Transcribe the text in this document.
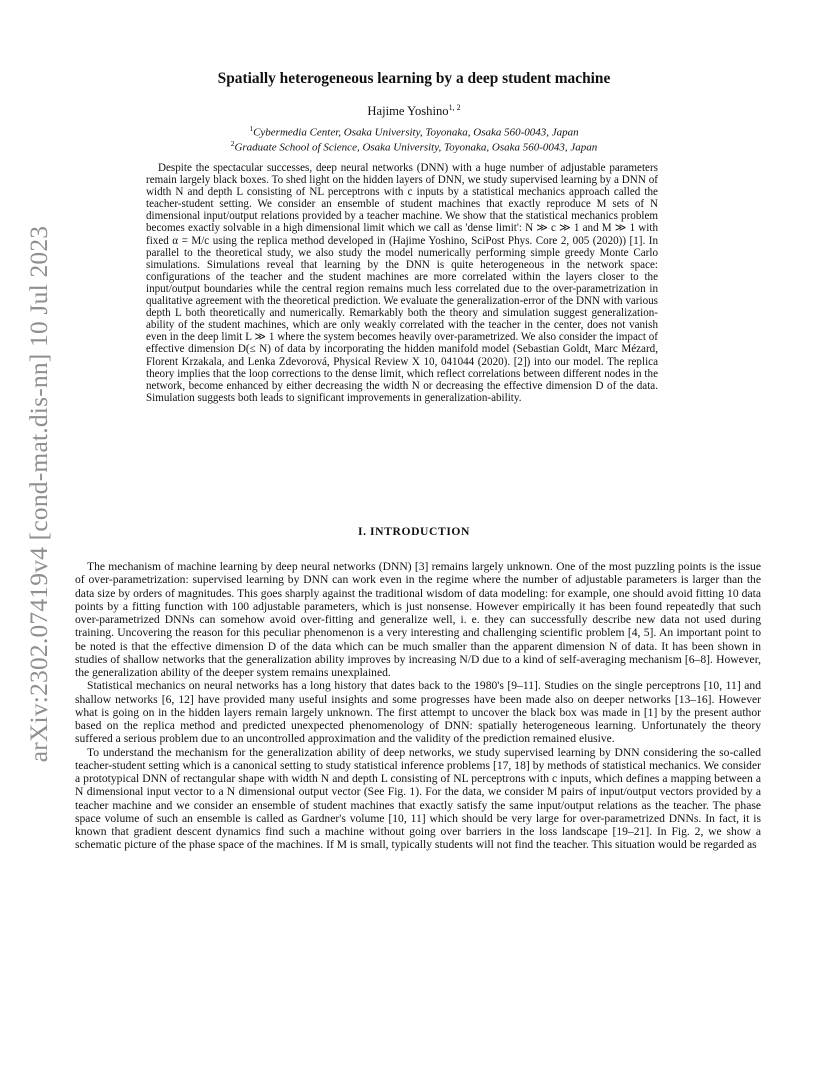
arXiv:2302.07419v4 [cond-mat.dis-nn] 10 Jul 2023
Spatially heterogeneous learning by a deep student machine
Hajime Yoshino$^{1, 2}$
$^1$Cybermedia Center, Osaka University, Toyonaka, Osaka 560-0043, Japan
$^2$Graduate School of Science, Osaka University, Toyonaka, Osaka 560-0043, Japan
Despite the spectacular successes, deep neural networks (DNN) with a huge number of adjustable parameters remain largely black boxes. To shed light on the hidden layers of DNN, we study supervised learning by a DNN of width N and depth L consisting of NL perceptrons with c inputs by a statistical mechanics approach called the teacher-student setting. We consider an ensemble of student machines that exactly reproduce M sets of N dimensional input/output relations provided by a teacher machine. We show that the statistical mechanics problem becomes exactly solvable in a high dimensional limit which we call as 'dense limit': N ≫ c ≫ 1 and M ≫ 1 with fixed α = M/c using the replica method developed in (Hajime Yoshino, SciPost Phys. Core 2, 005 (2020)) [1]. In parallel to the theoretical study, we also study the model numerically performing simple greedy Monte Carlo simulations. Simulations reveal that learning by the DNN is quite heterogeneous in the network space: configurations of the teacher and the student machines are more correlated within the layers closer to the input/output boundaries while the central region remains much less correlated due to the over-parametrization in qualitative agreement with the theoretical prediction. We evaluate the generalization-error of the DNN with various depth L both theoretically and numerically. Remarkably both the theory and simulation suggest generalization-ability of the student machines, which are only weakly correlated with the teacher in the center, does not vanish even in the deep limit L ≫ 1 where the system becomes heavily over-parametrized. We also consider the impact of effective dimension D(≤ N) of data by incorporating the hidden manifold model (Sebastian Goldt, Marc Mézard, Florent Krzakala, and Lenka Zdevorová, Physical Review X 10, 041044 (2020). [2]) into our model. The replica theory implies that the loop corrections to the dense limit, which reflect correlations between different nodes in the network, become enhanced by either decreasing the width N or decreasing the effective dimension D of the data. Simulation suggests both leads to significant improvements in generalization-ability.
I. INTRODUCTION

The mechanism of machine learning by deep neural networks (DNN) [3] remains largely unknown. One of the most puzzling points is the issue of over-parametrization: supervised learning by DNN can work even in the regime where the number of adjustable parameters is larger than the data size by orders of magnitudes. This goes sharply against the traditional wisdom of data modeling: for example, one should avoid fitting 10 data points by a fitting function with 100 adjustable parameters, which is just nonsense. However empirically it has been found repeatedly that such over-parametrized DNNs can somehow avoid over-fitting and generalize well, i. e. they can successfully describe new data not used during training. Uncovering the reason for this peculiar phenomenon is a very interesting and challenging scientific problem [4, 5]. An important point to be noted is that the effective dimension D of the data which can be much smaller than the apparent dimension N of data. It has been shown in studies of shallow networks that the generalization ability improves by increasing N/D due to a kind of self-averaging mechanism [6–8]. However, the generalization ability of the deeper system remains unexplained.

Statistical mechanics on neural networks has a long history that dates back to the 1980's [9–11]. Studies on the single perceptrons [10, 11] and shallow networks [6, 12] have provided many useful insights and some progresses have been made also on deeper networks [13–16]. However what is going on in the hidden layers remain largely unknown. The first attempt to uncover the black box was made in [1] by the present author based on the replica method and predicted unexpected phenomenology of DNN: spatially heterogeneous learning. Unfortunately the theory suffered a serious problem due to an uncontrolled approximation and the validity of the prediction remained elusive.

To understand the mechanism for the generalization ability of deep networks, we study supervised learning by DNN considering the so-called teacher-student setting which is a canonical setting to study statistical inference problems [17, 18] by methods of statistical mechanics. We consider a prototypical DNN of rectangular shape with width N and depth L consisting of NL perceptrons with c inputs, which defines a mapping between a N dimensional input vector to a N dimensional output vector (See Fig. 1). For the data, we consider M pairs of input/output vectors provided by a teacher machine and we consider an ensemble of student machines that exactly satisfy the same input/output relations as the teacher. The phase space volume of such an ensemble is called as Gardner's volume [10, 11] which should be very large for over-parametrized DNNs. In fact, it is known that gradient descent dynamics find such a machine without going over barriers in the loss landscape [19–21]. In Fig. 2, we show a schematic picture of the phase space of the machines. If M is small, typically students will not find the teacher. This situation would be regarded as
